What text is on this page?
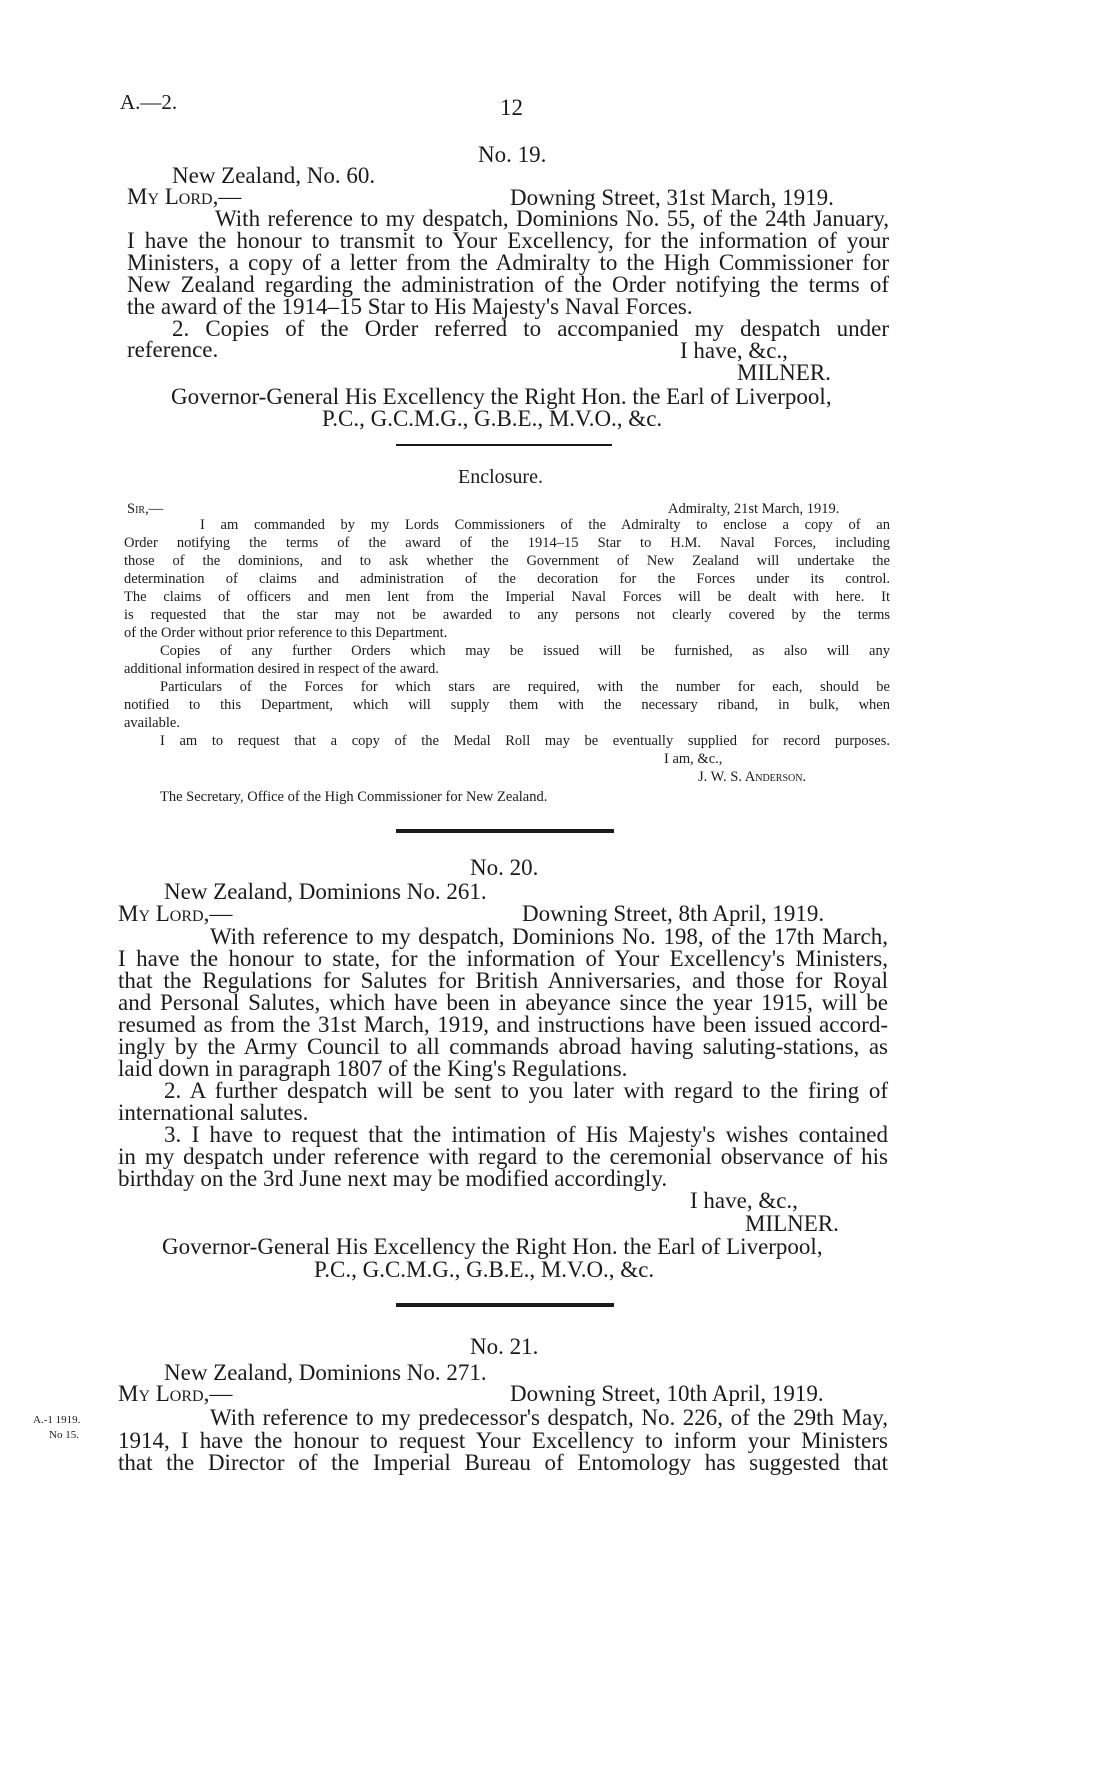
A.—2.	12
No. 19.
New Zealand, No. 60.
My Lord,—	Downing Street, 31st March, 1919.
With reference to my despatch, Dominions No. 55, of the 24th January,
I have the honour to transmit to Your Excellency, for the information of your
Ministers, a copy of a letter from the Admiralty to the High Commissioner for
New Zealand regarding the administration of the Order notifying the terms of
the award of the 1914–15 Star to His Majesty's Naval Forces.
2. Copies of the Order referred to accompanied my despatch under
reference.	I have, &c.,
MILNER.
Governor-General His Excellency the Right Hon. the Earl of Liverpool,
P.C., G.C.M.G., G.B.E., M.V.O., &c.
Enclosure.
Sir,—	Admiralty, 21st March, 1919.
I am commanded by my Lords Commissioners of the Admiralty to enclose a copy of an
Order notifying the terms of the award of the 1914–15 Star to H.M. Naval Forces, including
those of the dominions, and to ask whether the Government of New Zealand will undertake the
determination of claims and administration of the decoration for the Forces under its control.
The claims of officers and men lent from the Imperial Naval Forces will be dealt with here. It
is requested that the star may not be awarded to any persons not clearly covered by the terms
of the Order without prior reference to this Department.
Copies of any further Orders which may be issued will be furnished, as also will any
additional information desired in respect of the award.
Particulars of the Forces for which stars are required, with the number for each, should be
notified to this Department, which will supply them with the necessary riband, in bulk, when
available.
I am to request that a copy of the Medal Roll may be eventually supplied for record purposes.
I am, &c.,
J. W. S. Anderson.
The Secretary, Office of the High Commissioner for New Zealand.
No. 20.
New Zealand, Dominions No. 261.
My Lord,—	Downing Street, 8th April, 1919.
With reference to my despatch, Dominions No. 198, of the 17th March,
I have the honour to state, for the information of Your Excellency's Ministers,
that the Regulations for Salutes for British Anniversaries, and those for Royal
and Personal Salutes, which have been in abeyance since the year 1915, will be
resumed as from the 31st March, 1919, and instructions have been issued accord-
ingly by the Army Council to all commands abroad having saluting-stations, as
laid down in paragraph 1807 of the King's Regulations.
2. A further despatch will be sent to you later with regard to the firing of
international salutes.
3. I have to request that the intimation of His Majesty's wishes contained
in my despatch under reference with regard to the ceremonial observance of his
birthday on the 3rd June next may be modified accordingly.
I have, &c.,
MILNER.
Governor-General His Excellency the Right Hon. the Earl of Liverpool,
P.C., G.C.M.G., G.B.E., M.V.O., &c.
No. 21.
New Zealand, Dominions No. 271.
My Lord,—	Downing Street, 10th April, 1919.
A.-1 1919.
No 15.
With reference to my predecessor's despatch, No. 226, of the 29th May,
1914, I have the honour to request Your Excellency to inform your Ministers
that the Director of the Imperial Bureau of Entomology has suggested that
